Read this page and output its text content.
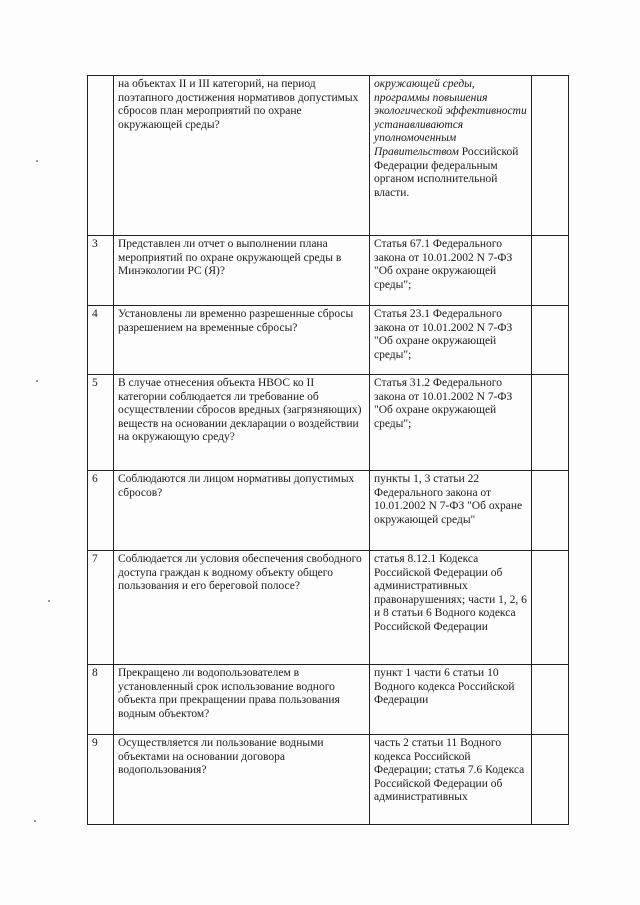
	на объектах II и III категорий, на период поэтапного достижения нормативов допустимых сбросов план мероприятий по охране окружающей среды?	окружающей среды, программы повышения экологической эффективности устанавливаются уполномоченным Правительством Российской Федерации федеральным органом исполнительной власти.	
3	Представлен ли отчет о выполнении плана мероприятий по охране окружающей среды в Минэкологии РС (Я)?	Статья 67.1 Федерального закона от 10.01.2002 N 7-ФЗ "Об охране окружающей среды";	
4	Установлены ли временно разрешенные сбросы разрешением на временные сбросы?	Статья 23.1 Федерального закона от 10.01.2002 N 7-ФЗ "Об охране окружающей среды";	
5	В случае отнесения объекта НВОС ко II категории соблюдается ли требование об осуществлении сбросов вредных (загрязняющих) веществ на основании декларации о воздействии на окружающую среду?	Статья 31.2 Федерального закона от 10.01.2002 N 7-ФЗ "Об охране окружающей среды";	
6	Соблюдаются ли лицом нормативы допустимых сбросов?	пункты 1, 3 статьи 22 Федерального закона от 10.01.2002 N 7-ФЗ "Об охране окружающей среды"	
7	Соблюдается ли условия обеспечения свободного доступа граждан к водному объекту общего пользования и его береговой полосе?	статья 8.12.1 Кодекса Российской Федерации об административных правонарушениях; части 1, 2, 6 и 8 статьи 6 Водного кодекса Российской Федерации	
8	Прекращено ли водопользователем в установленный срок использование водного объекта при прекращении права пользования водным объектом?	пункт 1 части 6 статьи 10 Водного кодекса Российской Федерации	
9	Осуществляется ли пользование водными объектами на основании договора водопользования?	часть 2 статьи 11 Водного кодекса Российской Федерации; статья 7.6 Кодекса Российской Федерации об административных	
